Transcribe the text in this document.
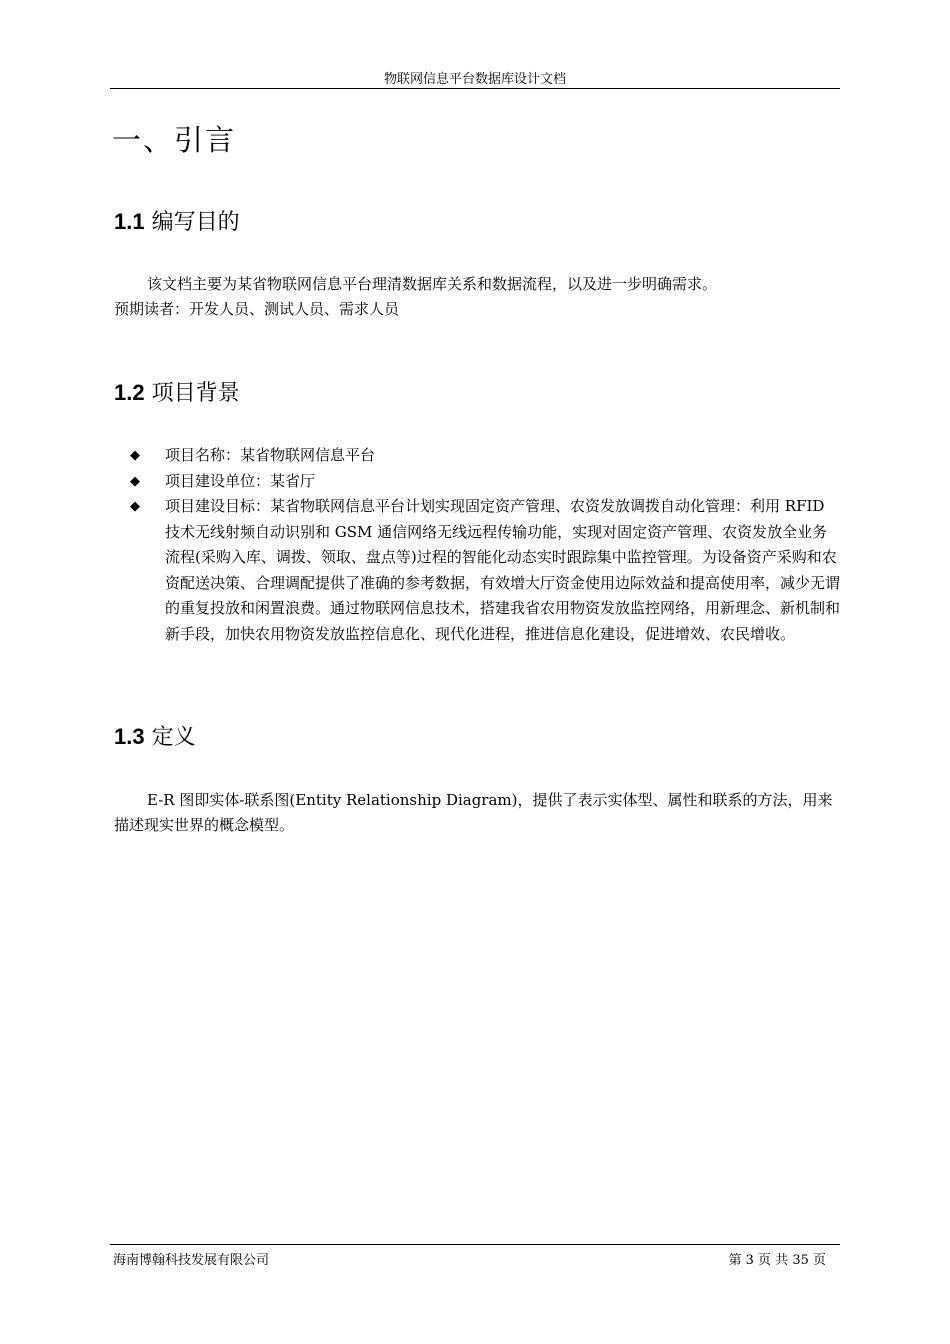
物联网信息平台数据库设计文档
一、引言
1.1 编写目的
该文档主要为某省物联网信息平台理清数据库关系和数据流程，以及进一步明确需求。
预期读者：开发人员、测试人员、需求人员
1.2 项目背景
◆ 项目名称：某省物联网信息平台
◆ 项目建设单位：某省厅
◆ 项目建设目标：某省物联网信息平台计划实现固定资产管理、农资发放调拨自动化管理：利用 RFID 技术无线射频自动识别和 GSM 通信网络无线远程传输功能，实现对固定资产管理、农资发放全业务流程(采购入库、调拨、领取、盘点等)过程的智能化动态实时跟踪集中监控管理。为设备资产采购和农资配送决策、合理调配提供了准确的参考数据，有效增大厅资金使用边际效益和提高使用率，减少无谓的重复投放和闲置浪费。通过物联网信息技术，搭建我省农用物资发放监控网络，用新理念、新机制和新手段，加快农用物资发放监控信息化、现代化进程，推进信息化建设，促进增效、农民增收。
1.3 定义
E-R 图即实体-联系图(Entity Relationship Diagram)，提供了表示实体型、属性和联系的方法，用来描述现实世界的概念模型。
海南博翰科技发展有限公司	第 3 页 共 35 页
